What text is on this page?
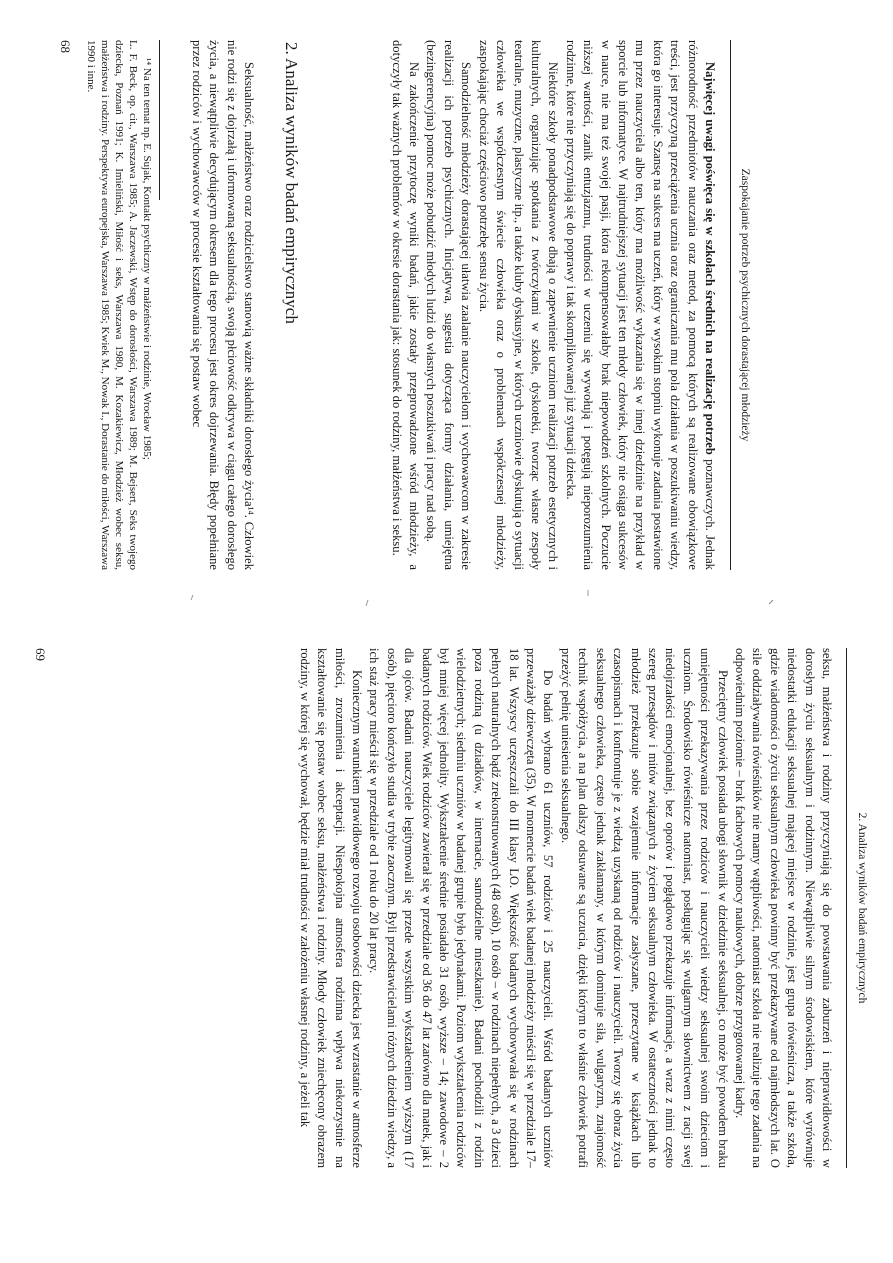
Zaspokajanie potrzeb psychicznych dorastającej młodzieży

Najwięcej uwagi poświęca się w szkołach średnich na realizację potrzeb poznawczych. Jednak różnorodność przedmiotów nauczania oraz metod, za pomocą których są realizowane obowiązkowe treści, jest przyczyną przeciążenia ucznia oraz ograniczania mu pola działania w poszukiwaniu wiedzy, która go interesuje. Szansę na sukces ma uczeń, który w wysokim stopniu wykonuje zadania postawione mu przez nauczyciela albo ten, który ma możliwość wykazania się w innej dziedzinie na przykład w sporcie lub informatyce. W najtrudniejszej sytuacji jest ten młody człowiek, który nie osiąga sukcesów w nauce, nie ma też swojej pasji, która rekompensowałaby brak niepowodzeń szkolnych. Poczucie niższej wartości, zanik entuzjazmu, trudności w uczeniu się wywołują i potęgują nieporozumienia rodzinne, które nie przyczyniają się do poprawy i tak skomplikowanej już sytuacji dziecka.

Niektóre szkoły ponadpodstawowe dbają o zapewnienie uczniom realizacji potrzeb estetycznych i kulturalnych, organizując spotkania z twórczykami w szkole, dyskoteki, tworząc własne zespoły teatralne, muzyczne, plastyczne itp., a także kluby dyskusyjne, w których uczniowie dyskutują o sytuacji człowieka we współczesnym świecie człowieka oraz o problemach współczesnej młodzieży, zaspokajając chociaż częściowo potrzebę sensu życia.

Samodzielność młodzieży dorastającej ułatwia zaalanie nauczycielom i wychowawcom w zakresie realizacji ich potrzeb psychicznych. Inicjatywa, sugestia dotycząca formy działania, umiejętna (bezingerencyjna) pomoc może pobudzić młodych ludzi do własnych poszukiwań i pracy nad sobą.

Na zakończenie przytoczę wyniki badań, jakie zostały przeprowadzone wśród młodzieży, a dotyczyły tak ważnych problemów w okresie dorastania jak: stosunek do rodziny, małżeństwa i seksu.

2. Analiza wyników badań empirycznych

Seksualność, małżeństwo oraz rodzicielstwo stanowią ważne składniki dorosłego życia¹⁴. Człowiek nie rodzi się z dojrzałą i uformowaną seksualnością, swoją płciowość odkrywa w ciągu całego dorosłego życia, a niewątpliwie decydującym okresem dla tego procesu jest okres dojrzewania. Błędy popełniane przez rodziców i wychowawców w procesie kształtowania się postaw wobec

¹⁴ Na ten temat np. E. Sujak, Kontakt psychiczny w małżeństwie i rodzinie, Wrocław 1985;

L. F. Beck, op. cit., Warszawa 1985; A. Jaczewski, Wstęp do dorosłości, Warszawa 1989; M. Bejsert, Seks twojego dziecka, Poznań 1991; K. Imieliński, Miłość i seks, Warszawa 1980, M. Kozakiewicz, Młodzież wobec seksu, małżeństwa i rodziny. Perspektywa europejska, Warszawa 1985; Kwiek M., Nowak I., Dorastanie do miłości, Warszawa 1990 i inne.

68
2. Analiza wyników badań empirycznych

seksu, małżeństwa i rodziny przyczyniają się do powstawania zaburzeń i nieprawidłowości w dorosłym życiu seksualnym i rodzinnym. Niewątpliwie silnym środowiskiem, które wyrównuje niedostatki edukacji seksualnej mającej miejsce w rodzinie, jest grupa rówieśnicza, a także szkoła, gdzie wiadomości o życiu seksualnym człowieka powinny być przekazywane od najmłodszych lat. O sile oddziaływania rówieśników nie mamy wątpliwości, natomiast szkoła nie realizuje tego zadania na odpowiednim poziomie – brak fachowych pomocy naukowych, dobrze przygotowanej kadry.

Przeciętny człowiek posiada ubogi słownik w dziedzinie seksualnej, co może być powodem braku umiejętności przekazywania przez rodziców i nauczycieli wiedzy seksualnej swoim dzieciom i uczniom. Środowisko rówieśnicze natomiast, posługując się wulgarnym słownictwem z racji swej niedojrzałości emocjonalnej, bez oporów i pogłądowo przekazuje informacje, a wraz z nimi często szereg przesądów i mitów związanych z życiem seksualnym człowieka. W ostateczności jednak to młodzież przekazuje sobie wzajemnie informacje zasłyszane, przeczytane w książkach lub czasopismach i konfrontuje je z wiedzą uzyskaną od rodziców i nauczycieli. Tworzy się obraz życia seksualnego człowieka, często jednak zakłamany, w którym dominuje siła, wulgaryzm, znajomość technik współżycia, a na plan dalszy odsuwane są uczucia, dzięki którym to właśnie człowiek potrafi przeżyć pełnię uniesienia seksualnego.

Do badań wybrano 61 uczniów, 57 rodziców i 25 nauczycieli. Wśród badanych uczniów przeważały dziewczęta (35). W momencie badań wiek badanej młodzieży mieścił się w przedziale 17–18 lat. Wszyscy uczęszczali do III klasy LO. Większość badanych wychowywała się w rodzinach pełnych naturalnych bądź zrekonstruowanych (48 osób), 10 osób – w rodzinach niepełnych, a 3 dzieci poza rodziną (u dziadków, w internacie, samodzielne mieszkanie). Badani pochodzili z rodzin wielodzietnych; siedmiu uczniów w badanej grupie było jedynakami. Poziom wykształcenia rodziców był mniej więcej jednolity. Wykształcenie średnie posiadało 31 osób, wyższe – 14; zawodowe – 2 badanych rodziców. Wiek rodziców zawierał się w przedziale od 36 do 47 lat zarówno dla matek, jak i dla ojców. Badani nauczyciele legitymowali się przede wszystkim wykształceniem wyższym (17 osób), pięciorо kończyło studia w trybie zaocznym. Byli przedstawicielami różnych dziedzin wiedzy, a ich staż pracy mieścił się w przedziale od 1 roku do 20 lat pracy.

Koniecznym warunkiem prawidłowego rozwoju osobowości dziecka jest wzrastanie w atmosferze miłości, zrozumienia i akceptacji. Niespokojna atmosfera rodzinna wpływa niekorzystnie na kształtowanie się postaw wobec seksu, małżeństwa i rodziny. Młody człowiek zniechęcony obrazem rodziny, w której się wychował, będzie miał trudności w założeniu własnej rodziny, a jeżeli tak

69
